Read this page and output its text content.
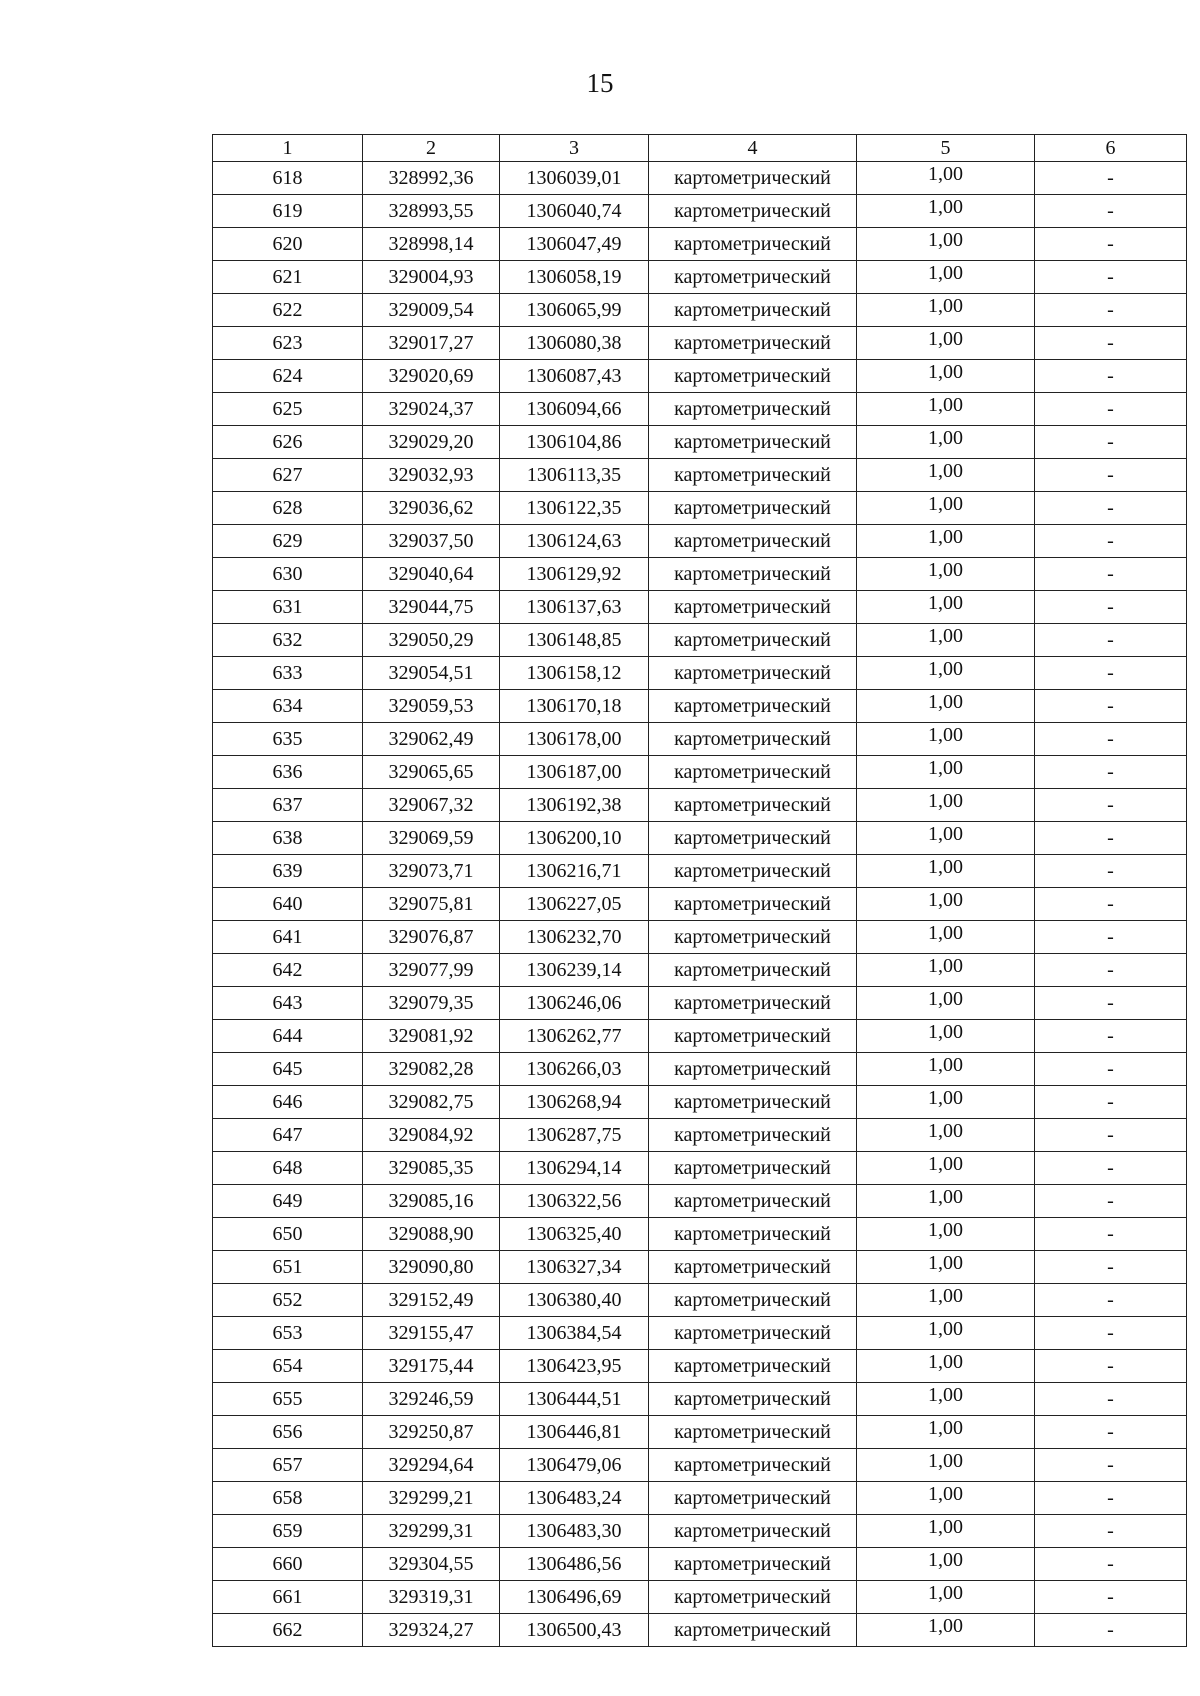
15
1	2	3	4	5	6
618	328992,36	1306039,01	картометрический	1,00	-
619	328993,55	1306040,74	картометрический	1,00	-
620	328998,14	1306047,49	картометрический	1,00	-
621	329004,93	1306058,19	картометрический	1,00	-
622	329009,54	1306065,99	картометрический	1,00	-
623	329017,27	1306080,38	картометрический	1,00	-
624	329020,69	1306087,43	картометрический	1,00	-
625	329024,37	1306094,66	картометрический	1,00	-
626	329029,20	1306104,86	картометрический	1,00	-
627	329032,93	1306113,35	картометрический	1,00	-
628	329036,62	1306122,35	картометрический	1,00	-
629	329037,50	1306124,63	картометрический	1,00	-
630	329040,64	1306129,92	картометрический	1,00	-
631	329044,75	1306137,63	картометрический	1,00	-
632	329050,29	1306148,85	картометрический	1,00	-
633	329054,51	1306158,12	картометрический	1,00	-
634	329059,53	1306170,18	картометрический	1,00	-
635	329062,49	1306178,00	картометрический	1,00	-
636	329065,65	1306187,00	картометрический	1,00	-
637	329067,32	1306192,38	картометрический	1,00	-
638	329069,59	1306200,10	картометрический	1,00	-
639	329073,71	1306216,71	картометрический	1,00	-
640	329075,81	1306227,05	картометрический	1,00	-
641	329076,87	1306232,70	картометрический	1,00	-
642	329077,99	1306239,14	картометрический	1,00	-
643	329079,35	1306246,06	картометрический	1,00	-
644	329081,92	1306262,77	картометрический	1,00	-
645	329082,28	1306266,03	картометрический	1,00	-
646	329082,75	1306268,94	картометрический	1,00	-
647	329084,92	1306287,75	картометрический	1,00	-
648	329085,35	1306294,14	картометрический	1,00	-
649	329085,16	1306322,56	картометрический	1,00	-
650	329088,90	1306325,40	картометрический	1,00	-
651	329090,80	1306327,34	картометрический	1,00	-
652	329152,49	1306380,40	картометрический	1,00	-
653	329155,47	1306384,54	картометрический	1,00	-
654	329175,44	1306423,95	картометрический	1,00	-
655	329246,59	1306444,51	картометрический	1,00	-
656	329250,87	1306446,81	картометрический	1,00	-
657	329294,64	1306479,06	картометрический	1,00	-
658	329299,21	1306483,24	картометрический	1,00	-
659	329299,31	1306483,30	картометрический	1,00	-
660	329304,55	1306486,56	картометрический	1,00	-
661	329319,31	1306496,69	картометрический	1,00	-
662	329324,27	1306500,43	картометрический	1,00	-
